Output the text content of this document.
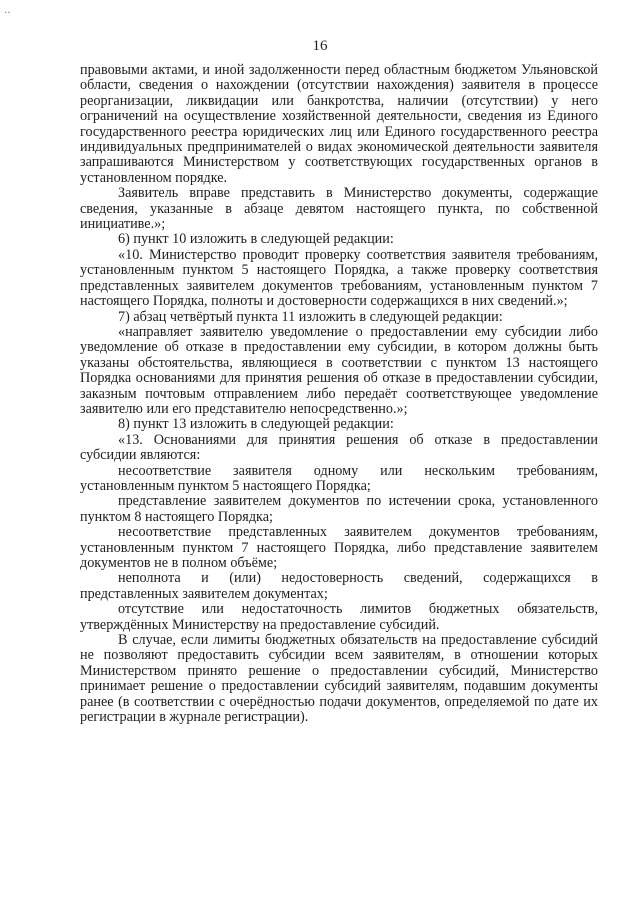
·‧
16

правовыми актами, и иной задолженности перед областным бюджетом Ульяновской области, сведения о нахождении (отсутствии нахождения) заявителя в процессе реорганизации, ликвидации или банкротства, наличии (отсутствии) у него ограничений на осуществление хозяйственной деятельности, сведения из Единого государственного реестра юридических лиц или Единого государственного реестра индивидуальных предпринимателей о видах экономической деятельности заявителя запрашиваются Министерством у соответствующих государственных органов в установленном порядке.

Заявитель вправе представить в Министерство документы, содержащие сведения, указанные в абзаце девятом настоящего пункта, по собственной инициативе.»;

6) пункт 10 изложить в следующей редакции:

«10. Министерство проводит проверку соответствия заявителя требованиям, установленным пунктом 5 настоящего Порядка, а также проверку соответствия представленных заявителем документов требованиям, установленным пунктом 7 настоящего Порядка, полноты и достоверности содержащихся в них сведений.»;

7) абзац четвёртый пункта 11 изложить в следующей редакции:

«направляет заявителю уведомление о предоставлении ему субсидии либо уведомление об отказе в предоставлении ему субсидии, в котором должны быть указаны обстоятельства, являющиеся в соответствии с пунктом 13 настоящего Порядка основаниями для принятия решения об отказе в предоставлении субсидии, заказным почтовым отправлением либо передаёт соответствующее уведомление заявителю или его представителю непосредственно.»;

8) пункт 13 изложить в следующей редакции:

«13. Основаниями для принятия решения об отказе в предоставлении субсидии являются:

несоответствие заявителя одному или нескольким требованиям, установленным пунктом 5 настоящего Порядка;

представление заявителем документов по истечении срока, установленного пунктом 8 настоящего Порядка;

несоответствие представленных заявителем документов требованиям, установленным пунктом 7 настоящего Порядка, либо представление заявителем документов не в полном объёме;

неполнота и (или) недостоверность сведений, содержащихся в представленных заявителем документах;

отсутствие или недостаточность лимитов бюджетных обязательств, утверждённых Министерству на предоставление субсидий.

В случае, если лимиты бюджетных обязательств на предоставление субсидий не позволяют предоставить субсидии всем заявителям, в отношении которых Министерством принято решение о предоставлении субсидий, Министерство принимает решение о предоставлении субсидий заявителям, подавшим документы ранее (в соответствии с очерёдностью подачи документов, определяемой по дате их регистрации в журнале регистрации).
